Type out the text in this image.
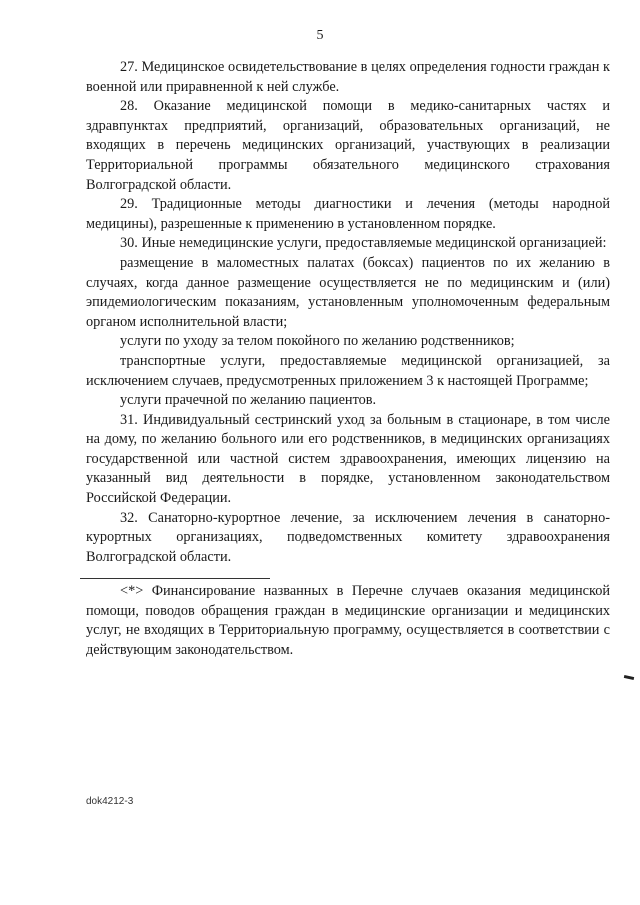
5

27. Медицинское освидетельствование в целях определения годности граждан к военной или приравненной к ней службе.

28. Оказание медицинской помощи в медико-санитарных частях и здравпунктах предприятий, организаций, образовательных организаций, не входящих в перечень медицинских организаций, участвующих в реализации Территориальной программы обязательного медицинского страхования Волгоградской области.

29. Традиционные методы диагностики и лечения (методы народной медицины), разрешенные к применению в установленном порядке.

30. Иные немедицинские услуги, предоставляемые медицинской организацией:

размещение в маломестных палатах (боксах) пациентов по их желанию в случаях, когда данное размещение осуществляется не по медицинским и (или) эпидемиологическим показаниям, установленным уполномоченным федеральным органом исполнительной власти;

услуги по уходу за телом покойного по желанию родственников;

транспортные услуги, предоставляемые медицинской организацией, за исключением случаев, предусмотренных приложением 3 к настоящей Программе;

услуги прачечной по желанию пациентов.

31. Индивидуальный сестринский уход за больным в стационаре, в том числе на дому, по желанию больного или его родственников, в медицинских организациях государственной или частной систем здравоохранения, имеющих лицензию на указанный вид деятельности в порядке, установленном законодательством Российской Федерации.

32. Санаторно-курортное лечение, за исключением лечения в санаторно-курортных организациях, подведомственных комитету здравоохранения Волгоградской области.

<*> Финансирование названных в Перечне случаев оказания медицинской помощи, поводов обращения граждан в медицинские организации и медицинских услуг, не входящих в Территориальную программу, осуществляется в соответствии с действующим законодательством.

dok4212-3
